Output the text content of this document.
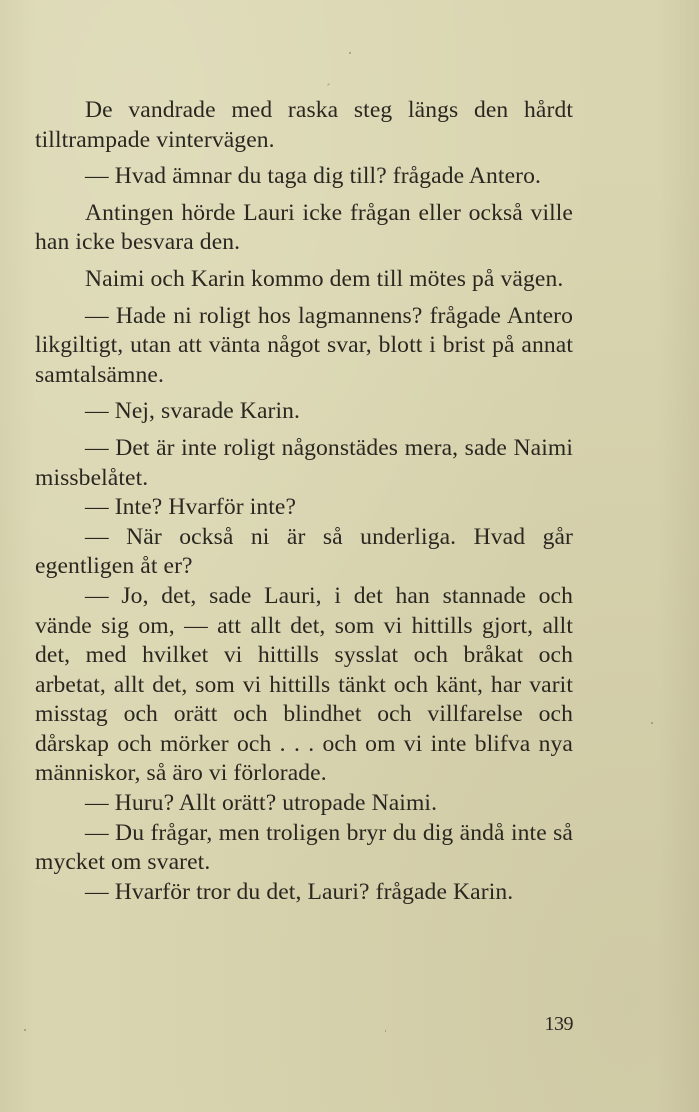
De vandrade med raska steg längs den hårdt tilltrampade vintervägen.

— Hvad ämnar du taga dig till? frågade Antero.

Antingen hörde Lauri icke frågan eller också ville han icke besvara den.

Naimi och Karin kommo dem till mötes på vägen.

— Hade ni roligt hos lagmannens? frågade Antero likgiltigt, utan att vänta något svar, blott i brist på annat samtalsämne.

— Nej, svarade Karin.

— Det är inte roligt någonstädes mera, sade Naimi missbelåtet.

— Inte? Hvarför inte?

— När också ni är så underliga. Hvad går egentligen åt er?

— Jo, det, sade Lauri, i det han stannade och vände sig om, — att allt det, som vi hittills gjort, allt det, med hvilket vi hittills sysslat och bråkat och arbetat, allt det, som vi hittills tänkt och känt, har varit misstag och orätt och blindhet och villfarelse och dårskap och mörker och . . . och om vi inte blifva nya människor, så äro vi förlorade.

— Huru? Allt orätt? utropade Naimi.

— Du frågar, men troligen bryr du dig ändå inte så mycket om svaret.

— Hvarför tror du det, Lauri? frågade Karin.

139
